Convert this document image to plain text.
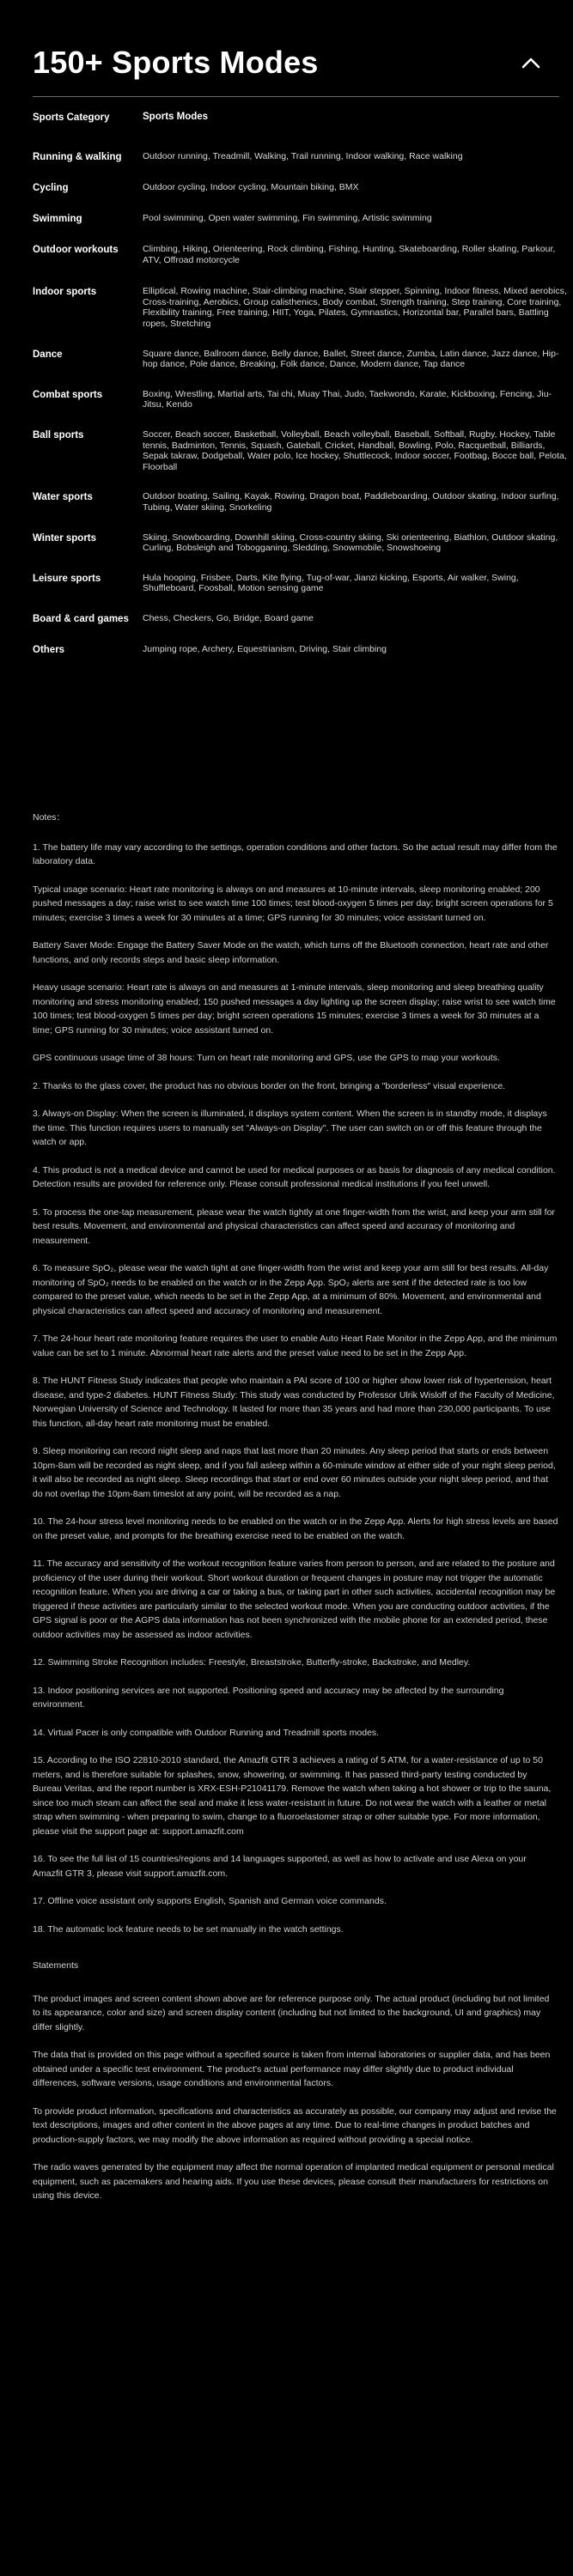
150+ Sports Modes
Sports Category	Sports Modes
Running & walking	Outdoor running, Treadmill, Walking, Trail running, Indoor walking, Race walking
Cycling	Outdoor cycling, Indoor cycling, Mountain biking, BMX
Swimming	Pool swimming, Open water swimming, Fin swimming, Artistic swimming
Outdoor workouts	Climbing, Hiking, Orienteering, Rock climbing, Fishing, Hunting, Skateboarding, Roller skating, Parkour, ATV, Offroad motorcycle
Indoor sports	Elliptical, Rowing machine, Stair-climbing machine, Stair stepper, Spinning, Indoor fitness, Mixed aerobics, Cross-training, Aerobics, Group calisthenics, Body combat, Strength training, Step training, Core training, Flexibility training, Free training, HIIT, Yoga, Pilates, Gymnastics, Horizontal bar, Parallel bars, Battling ropes, Stretching
Dance	Square dance, Ballroom dance, Belly dance, Ballet, Street dance, Zumba, Latin dance, Jazz dance, Hip-hop dance, Pole dance, Breaking, Folk dance, Dance, Modern dance, Tap dance
Combat sports	Boxing, Wrestling, Martial arts, Tai chi, Muay Thai, Judo, Taekwondo, Karate, Kickboxing, Fencing, Jiu-Jitsu, Kendo
Ball sports	Soccer, Beach soccer, Basketball, Volleyball, Beach volleyball, Baseball, Softball, Rugby, Hockey, Table tennis, Badminton, Tennis, Squash, Gateball, Cricket, Handball, Bowling, Polo, Racquetball, Billiards, Sepak takraw, Dodgeball, Water polo, Ice hockey, Shuttlecock, Indoor soccer, Footbag, Bocce ball, Pelota, Floorball
Water sports	Outdoor boating, Sailing, Kayak, Rowing, Dragon boat, Paddleboarding, Outdoor skating, Indoor surfing, Tubing, Water skiing, Snorkeling
Winter sports	Skiing, Snowboarding, Downhill skiing, Cross-country skiing, Ski orienteering, Biathlon, Outdoor skating, Curling, Bobsleigh and Tobogganing, Sledding, Snowmobile, Snowshoeing
Leisure sports	Hula hooping, Frisbee, Darts, Kite flying, Tug-of-war, Jianzi kicking, Esports, Air walker, Swing, Shuffleboard, Foosball, Motion sensing game
Board & card games	Chess, Checkers, Go, Bridge, Board game
Others	Jumping rope, Archery, Equestrianism, Driving, Stair climbing

Notes：

1. The battery life may vary according to the settings, operation conditions and other factors. So the actual result may differ from the laboratory data.

Typical usage scenario: Heart rate monitoring is always on and measures at 10-minute intervals, sleep monitoring enabled; 200 pushed messages a day; raise wrist to see watch time 100 times; test blood-oxygen 5 times per day; bright screen operations for 5 minutes; exercise 3 times a week for 30 minutes at a time; GPS running for 30 minutes; voice assistant turned on.

Battery Saver Mode: Engage the Battery Saver Mode on the watch, which turns off the Bluetooth connection, heart rate and other functions, and only records steps and basic sleep information.

Heavy usage scenario: Heart rate is always on and measures at 1-minute intervals, sleep monitoring and sleep breathing quality monitoring and stress monitoring enabled; 150 pushed messages a day lighting up the screen display; raise wrist to see watch time 100 times; test blood-oxygen 5 times per day; bright screen operations 15 minutes; exercise 3 times a week for 30 minutes at a time; GPS running for 30 minutes; voice assistant turned on.

GPS continuous usage time of 38 hours: Turn on heart rate monitoring and GPS, use the GPS to map your workouts.

2. Thanks to the glass cover, the product has no obvious border on the front, bringing a "borderless" visual experience.

3. Always-on Display: When the screen is illuminated, it displays system content. When the screen is in standby mode, it displays the time. This function requires users to manually set "Always-on Display". The user can switch on or off this feature through the watch or app.

4. This product is not a medical device and cannot be used for medical purposes or as basis for diagnosis of any medical condition. Detection results are provided for reference only. Please consult professional medical institutions if you feel unwell.

5. To process the one-tap measurement, please wear the watch tightly at one finger-width from the wrist, and keep your arm still for best results. Movement, and environmental and physical characteristics can affect speed and accuracy of monitoring and measurement.

6. To measure SpO₂, please wear the watch tight at one finger-width from the wrist and keep your arm still for best results. All-day monitoring of SpO₂ needs to be enabled on the watch or in the Zepp App. SpO₂ alerts are sent if the detected rate is too low compared to the preset value, which needs to be set in the Zepp App, at a minimum of 80%. Movement, and environmental and physical characteristics can affect speed and accuracy of monitoring and measurement.

7. The 24-hour heart rate monitoring feature requires the user to enable Auto Heart Rate Monitor in the Zepp App, and the minimum value can be set to 1 minute. Abnormal heart rate alerts and the preset value need to be set in the Zepp App.

8. The HUNT Fitness Study indicates that people who maintain a PAI score of 100 or higher show lower risk of hypertension, heart disease, and type-2 diabetes. HUNT Fitness Study: This study was conducted by Professor Ulrik Wisloff of the Faculty of Medicine, Norwegian University of Science and Technology. It lasted for more than 35 years and had more than 230,000 participants. To use this function, all-day heart rate monitoring must be enabled.

9. Sleep monitoring can record night sleep and naps that last more than 20 minutes. Any sleep period that starts or ends between 10pm-8am will be recorded as night sleep, and if you fall asleep within a 60-minute window at either side of your night sleep period, it will also be recorded as night sleep. Sleep recordings that start or end over 60 minutes outside your night sleep period, and that do not overlap the 10pm-8am timeslot at any point, will be recorded as a nap.

10. The 24-hour stress level monitoring needs to be enabled on the watch or in the Zepp App. Alerts for high stress levels are based on the preset value, and prompts for the breathing exercise need to be enabled on the watch.

11. The accuracy and sensitivity of the workout recognition feature varies from person to person, and are related to the posture and proficiency of the user during their workout. Short workout duration or frequent changes in posture may not trigger the automatic recognition feature. When you are driving a car or taking a bus, or taking part in other such activities, accidental recognition may be triggered if these activities are particularly similar to the selected workout mode. When you are conducting outdoor activities, if the GPS signal is poor or the AGPS data information has not been synchronized with the mobile phone for an extended period, these outdoor activities may be assessed as indoor activities.

12. Swimming Stroke Recognition includes: Freestyle, Breaststroke, Butterfly-stroke, Backstroke, and Medley.

13. Indoor positioning services are not supported. Positioning speed and accuracy may be affected by the surrounding environment.

14. Virtual Pacer is only compatible with Outdoor Running and Treadmill sports modes.

15. According to the ISO 22810-2010 standard, the Amazfit GTR 3 achieves a rating of 5 ATM, for a water-resistance of up to 50 meters, and is therefore suitable for splashes, snow, showering, or swimming. It has passed third-party testing conducted by Bureau Veritas, and the report number is XRX-ESH-P21041179. Remove the watch when taking a hot shower or trip to the sauna, since too much steam can affect the seal and make it less water-resistant in future. Do not wear the watch with a leather or metal strap when swimming - when preparing to swim, change to a fluoroelastomer strap or other suitable type. For more information, please visit the support page at: support.amazfit.com

16. To see the full list of 15 countries/regions and 14 languages supported, as well as how to activate and use Alexa on your Amazfit GTR 3, please visit support.amazfit.com.

17. Offline voice assistant only supports English, Spanish and German voice commands.

18. The automatic lock feature needs to be set manually in the watch settings.

Statements

The product images and screen content shown above are for reference purpose only. The actual product (including but not limited to its appearance, color and size) and screen display content (including but not limited to the background, UI and graphics) may differ slightly.

The data that is provided on this page without a specified source is taken from internal laboratories or supplier data, and has been obtained under a specific test environment. The product's actual performance may differ slightly due to product individual differences, software versions, usage conditions and environmental factors.

To provide product information, specifications and characteristics as accurately as possible, our company may adjust and revise the text descriptions, images and other content in the above pages at any time. Due to real-time changes in product batches and production-supply factors, we may modify the above information as required without providing a special notice.

The radio waves generated by the equipment may affect the normal operation of implanted medical equipment or personal medical equipment, such as pacemakers and hearing aids. If you use these devices, please consult their manufacturers for restrictions on using this device.
